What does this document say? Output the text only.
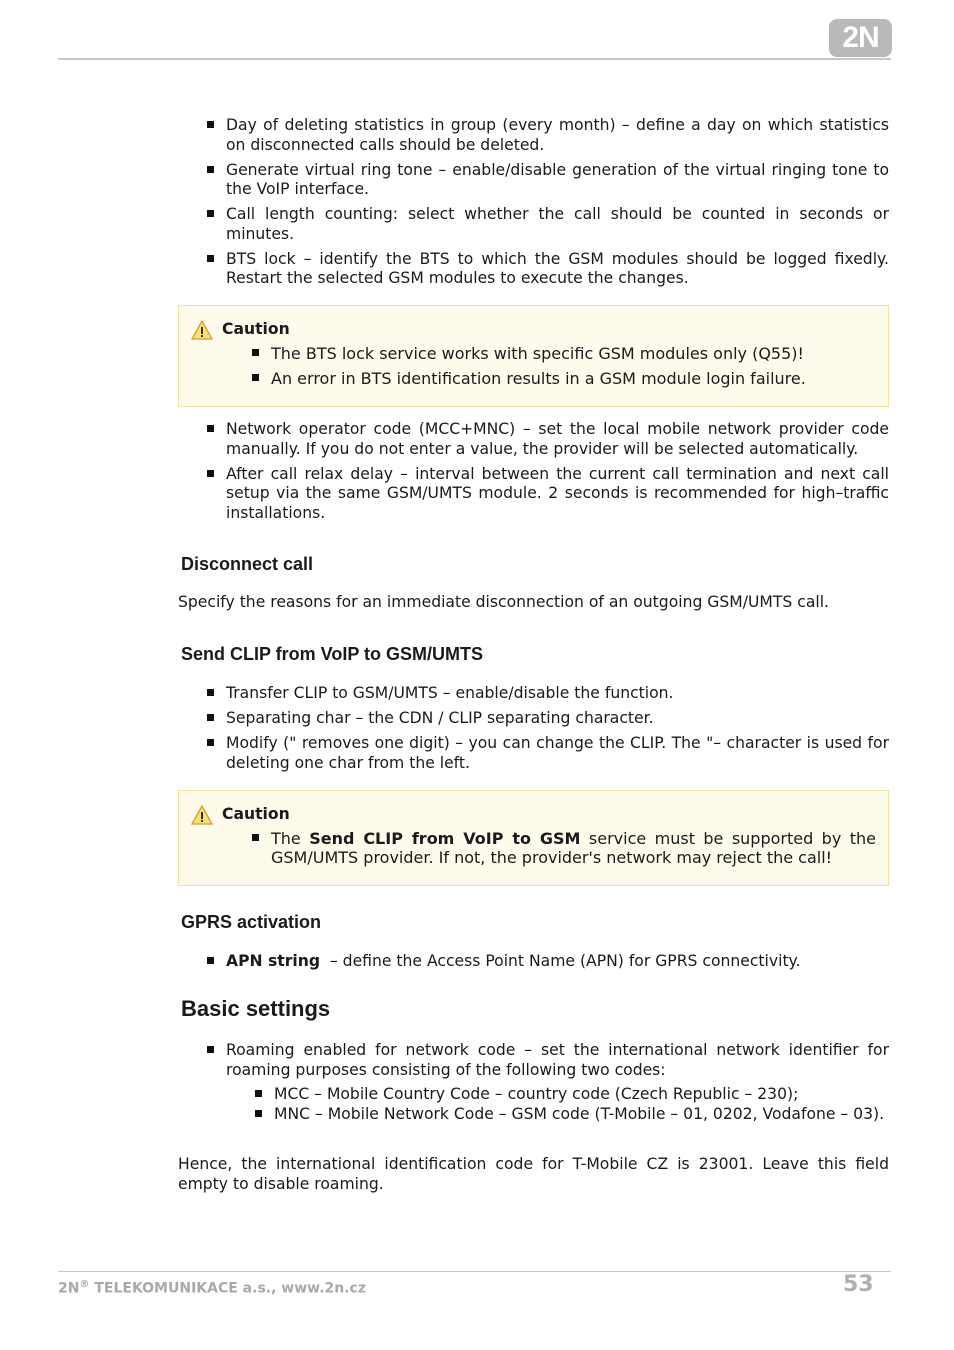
2N
Day of deleting statistics in group (every month) – define a day on which statistics on disconnected calls should be deleted.
Generate virtual ring tone – enable/disable generation of the virtual ringing tone to the VoIP interface.
Call length counting: select whether the call should be counted in seconds or minutes.
BTS lock – identify the BTS to which the GSM modules should be logged fixedly. Restart the selected GSM modules to execute the changes.
Caution
The BTS lock service works with specific GSM modules only (Q55)!
An error in BTS identification results in a GSM module login failure.
Network operator code (MCC+MNC) – set the local mobile network provider code manually. If you do not enter a value, the provider will be selected automatically.
After call relax delay – interval between the current call termination and next call setup via the same GSM/UMTS module. 2 seconds is recommended for high–traffic installations.
Disconnect call
Specify the reasons for an immediate disconnection of an outgoing GSM/UMTS call.
Send CLIP from VoIP to GSM/UMTS
Transfer CLIP to GSM/UMTS – enable/disable the function.
Separating char – the CDN / CLIP separating character.
Modify (" removes one digit) – you can change the CLIP. The "– character is used for deleting one char from the left.
Caution
The Send CLIP from VoIP to GSM service must be supported by the GSM/UMTS provider. If not, the provider's network may reject the call!
GPRS activation
APN string  – define the Access Point Name (APN) for GPRS connectivity.
Basic settings
Roaming enabled for network code – set the international network identifier for roaming purposes consisting of the following two codes:
MCC – Mobile Country Code – country code (Czech Republic – 230);
MNC – Mobile Network Code – GSM code (T-Mobile – 01, 0202, Vodafone – 03).
Hence, the international identification code for T-Mobile CZ is 23001. Leave this field empty to disable roaming.
2N® TELEKOMUNIKACE a.s., www.2n.cz	53
